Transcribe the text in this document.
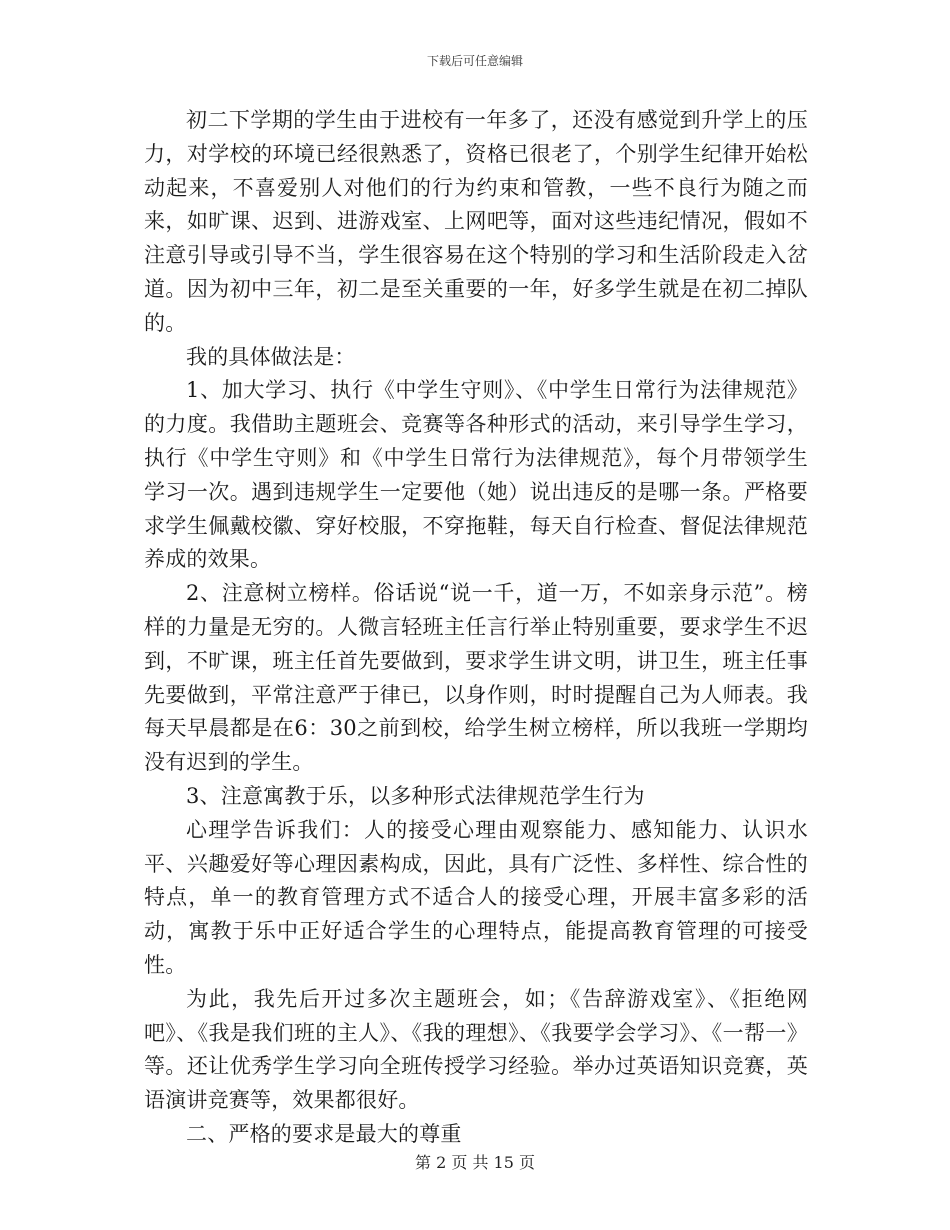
下载后可任意编辑

初二下学期的学生由于进校有一年多了，还没有感觉到升学上的压力，对学校的环境已经很熟悉了，资格已很老了，个别学生纪律开始松动起来，不喜爱别人对他们的行为约束和管教，一些不良行为随之而来，如旷课、迟到、进游戏室、上网吧等，面对这些违纪情况，假如不注意引导或引导不当，学生很容易在这个特别的学习和生活阶段走入岔道。因为初中三年，初二是至关重要的一年，好多学生就是在初二掉队的。

我的具体做法是：

1、加大学习、执行《中学生守则》、《中学生日常行为法律规范》的力度。我借助主题班会、竞赛等各种形式的活动，来引导学生学习，执行《中学生守则》和《中学生日常行为法律规范》，每个月带领学生学习一次。遇到违规学生一定要他（她）说出违反的是哪一条。严格要求学生佩戴校徽、穿好校服，不穿拖鞋，每天自行检查、督促法律规范养成的效果。

2、注意树立榜样。俗话说“说一千，道一万，不如亲身示范”。榜样的力量是无穷的。人微言轻班主任言行举止特别重要，要求学生不迟到，不旷课，班主任首先要做到，要求学生讲文明，讲卫生，班主任事先要做到，平常注意严于律已，以身作则，时时提醒自己为人师表。我每天早晨都是在6：30之前到校，给学生树立榜样，所以我班一学期均没有迟到的学生。

3、注意寓教于乐，以多种形式法律规范学生行为

心理学告诉我们：人的接受心理由观察能力、感知能力、认识水平、兴趣爱好等心理因素构成，因此，具有广泛性、多样性、综合性的特点，单一的教育管理方式不适合人的接受心理，开展丰富多彩的活动，寓教于乐中正好适合学生的心理特点，能提高教育管理的可接受性。

为此，我先后开过多次主题班会，如；《告辞游戏室》、《拒绝网吧》、《我是我们班的主人》、《我的理想》、《我要学会学习》、《一帮一》等。还让优秀学生学习向全班传授学习经验。举办过英语知识竞赛，英语演讲竞赛等，效果都很好。

二、严格的要求是最大的尊重

第 2 页 共 15 页
